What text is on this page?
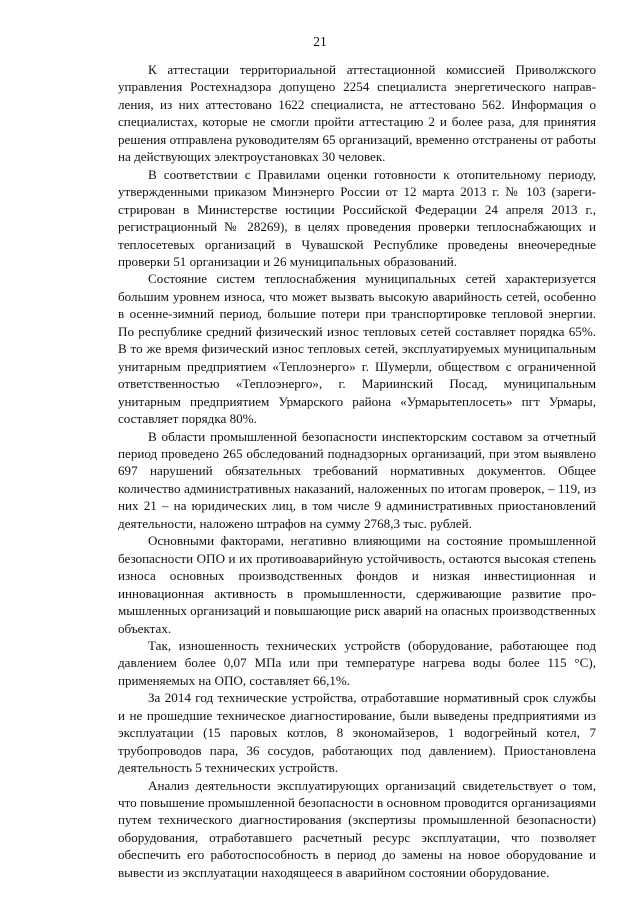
21

К аттестации территориальной аттестационной комиссией Приволжского управления Ростехнадзора допущено 2254 специалиста энергетического направления, из них аттестовано 1622 специалиста, не аттестовано 562. Информация о специалистах, которые не смогли пройти аттестацию 2 и более раза, для принятия решения отправлена руководителям 65 организаций, временно отстранены от работы на действующих электроустановках 30 человек.

В соответствии с Правилами оценки готовности к отопительному периоду, утвержденными приказом Минэнерго России от 12 марта 2013 г. № 103 (зарегистрирован в Министерстве юстиции Российской Федерации 24 апреля 2013 г., регистрационный № 28269), в целях проведения проверки теплоснабжающих и теплосетевых организаций в Чувашской Республике проведены внеочередные проверки 51 организации и 26 муниципальных образований.

Состояние систем теплоснабжения муниципальных сетей характеризуется большим уровнем износа, что может вызвать высокую аварийность сетей, особенно в осенне-зимний период, большие потери при транспортировке тепловой энергии. По республике средний физический износ тепловых сетей составляет порядка 65%. В то же время физический износ тепловых сетей, эксплуатируемых муниципальным унитарным предприятием «Теплоэнерго» г. Шумерли, обществом с ограниченной ответственностью «Теплоэнерго», г. Мариинский Посад, муниципальным унитарным предприятием Урмарского района «Урмарытеплосеть» пгт Урмары, составляет порядка 80%.

В области промышленной безопасности инспекторским составом за отчетный период проведено 265 обследований поднадзорных организаций, при этом выявлено 697 нарушений обязательных требований нормативных документов. Общее количество административных наказаний, наложенных по итогам проверок, – 119, из них 21 – на юридических лиц, в том числе 9 административных приостановлений деятельности, наложено штрафов на сумму 2768,3 тыс. рублей.

Основными факторами, негативно влияющими на состояние промышленной безопасности ОПО и их противоаварийную устойчивость, остаются высокая степень износа основных производственных фондов и низкая инвестиционная и инновационная активность в промышленности, сдерживающие развитие промышленных организаций и повышающие риск аварий на опасных производственных объектах.

Так, изношенность технических устройств (оборудование, работающее под давлением более 0,07 МПа или при температуре нагрева воды более 115 °С), применяемых на ОПО, составляет 66,1%.

За 2014 год технические устройства, отработавшие нормативный срок службы и не прошедшие техническое диагностирование, были выведены предприятиями из эксплуатации (15 паровых котлов, 8 экономайзеров, 1 водогрейный котел, 7 трубопроводов пара, 36 сосудов, работающих под давлением). Приостановлена деятельность 5 технических устройств.

Анализ деятельности эксплуатирующих организаций свидетельствует о том, что повышение промышленной безопасности в основном проводится организациями путем технического диагностирования (экспертизы промышленной безопасности) оборудования, отработавшего расчетный ресурс эксплуатации, что позволяет обеспечить его работоспособность в период до замены на новое оборудование и вывести из эксплуатации находящееся в аварийном состоянии оборудование.
